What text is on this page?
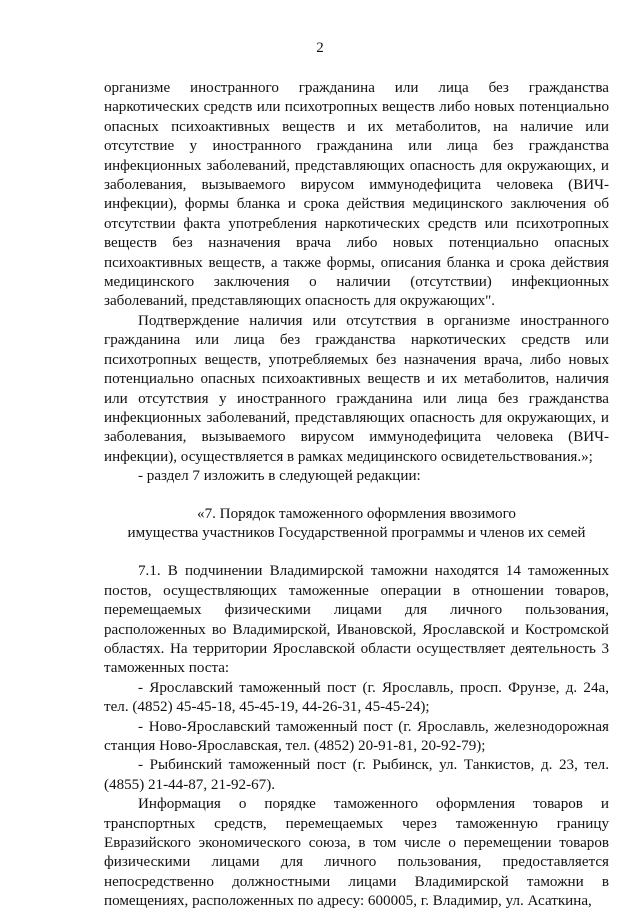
2

организме иностранного гражданина или лица без гражданства наркотических средств или психотропных веществ либо новых потенциально опасных психоактивных веществ и их метаболитов, на наличие или отсутствие у иностранного гражданина или лица без гражданства инфекционных заболеваний, представляющих опасность для окружающих, и заболевания, вызываемого вирусом иммунодефицита человека (ВИЧ-инфекции), формы бланка и срока действия медицинского заключения об отсутствии факта употребления наркотических средств или психотропных веществ без назначения врача либо новых потенциально опасных психоактивных веществ, а также формы, описания бланка и срока действия медицинского заключения о наличии (отсутствии) инфекционных заболеваний, представляющих опасность для окружающих".

Подтверждение наличия или отсутствия в организме иностранного гражданина или лица без гражданства наркотических средств или психотропных веществ, употребляемых без назначения врача, либо новых потенциально опасных психоактивных веществ и их метаболитов, наличия или отсутствия у иностранного гражданина или лица без гражданства инфекционных заболеваний, представляющих опасность для окружающих, и заболевания, вызываемого вирусом иммунодефицита человека (ВИЧ-инфекции), осуществляется в рамках медицинского освидетельствования.»;

- раздел 7 изложить в следующей редакции:

«7. Порядок таможенного оформления ввозимого
имущества участников Государственной программы и членов их семей

7.1. В подчинении Владимирской таможни находятся 14 таможенных постов, осуществляющих таможенные операции в отношении товаров, перемещаемых физическими лицами для личного пользования, расположенных во Владимирской, Ивановской, Ярославской и Костромской областях. На территории Ярославской области осуществляет деятельность 3 таможенных поста:

- Ярославский таможенный пост (г. Ярославль, просп. Фрунзе, д. 24а, тел. (4852) 45-45-18, 45-45-19, 44-26-31, 45-45-24);

- Ново-Ярославский таможенный пост (г. Ярославль, железнодорожная станция Ново-Ярославская, тел. (4852) 20-91-81, 20-92-79);

- Рыбинский таможенный пост (г. Рыбинск, ул. Танкистов, д. 23, тел. (4855) 21-44-87, 21-92-67).

Информация о порядке таможенного оформления товаров и транспортных средств, перемещаемых через таможенную границу Евразийского экономического союза, в том числе о перемещении товаров физическими лицами для личного пользования, предоставляется непосредственно должностными лицами Владимирской таможни в помещениях, расположенных по адресу: 600005, г. Владимир, ул. Асаткина,
